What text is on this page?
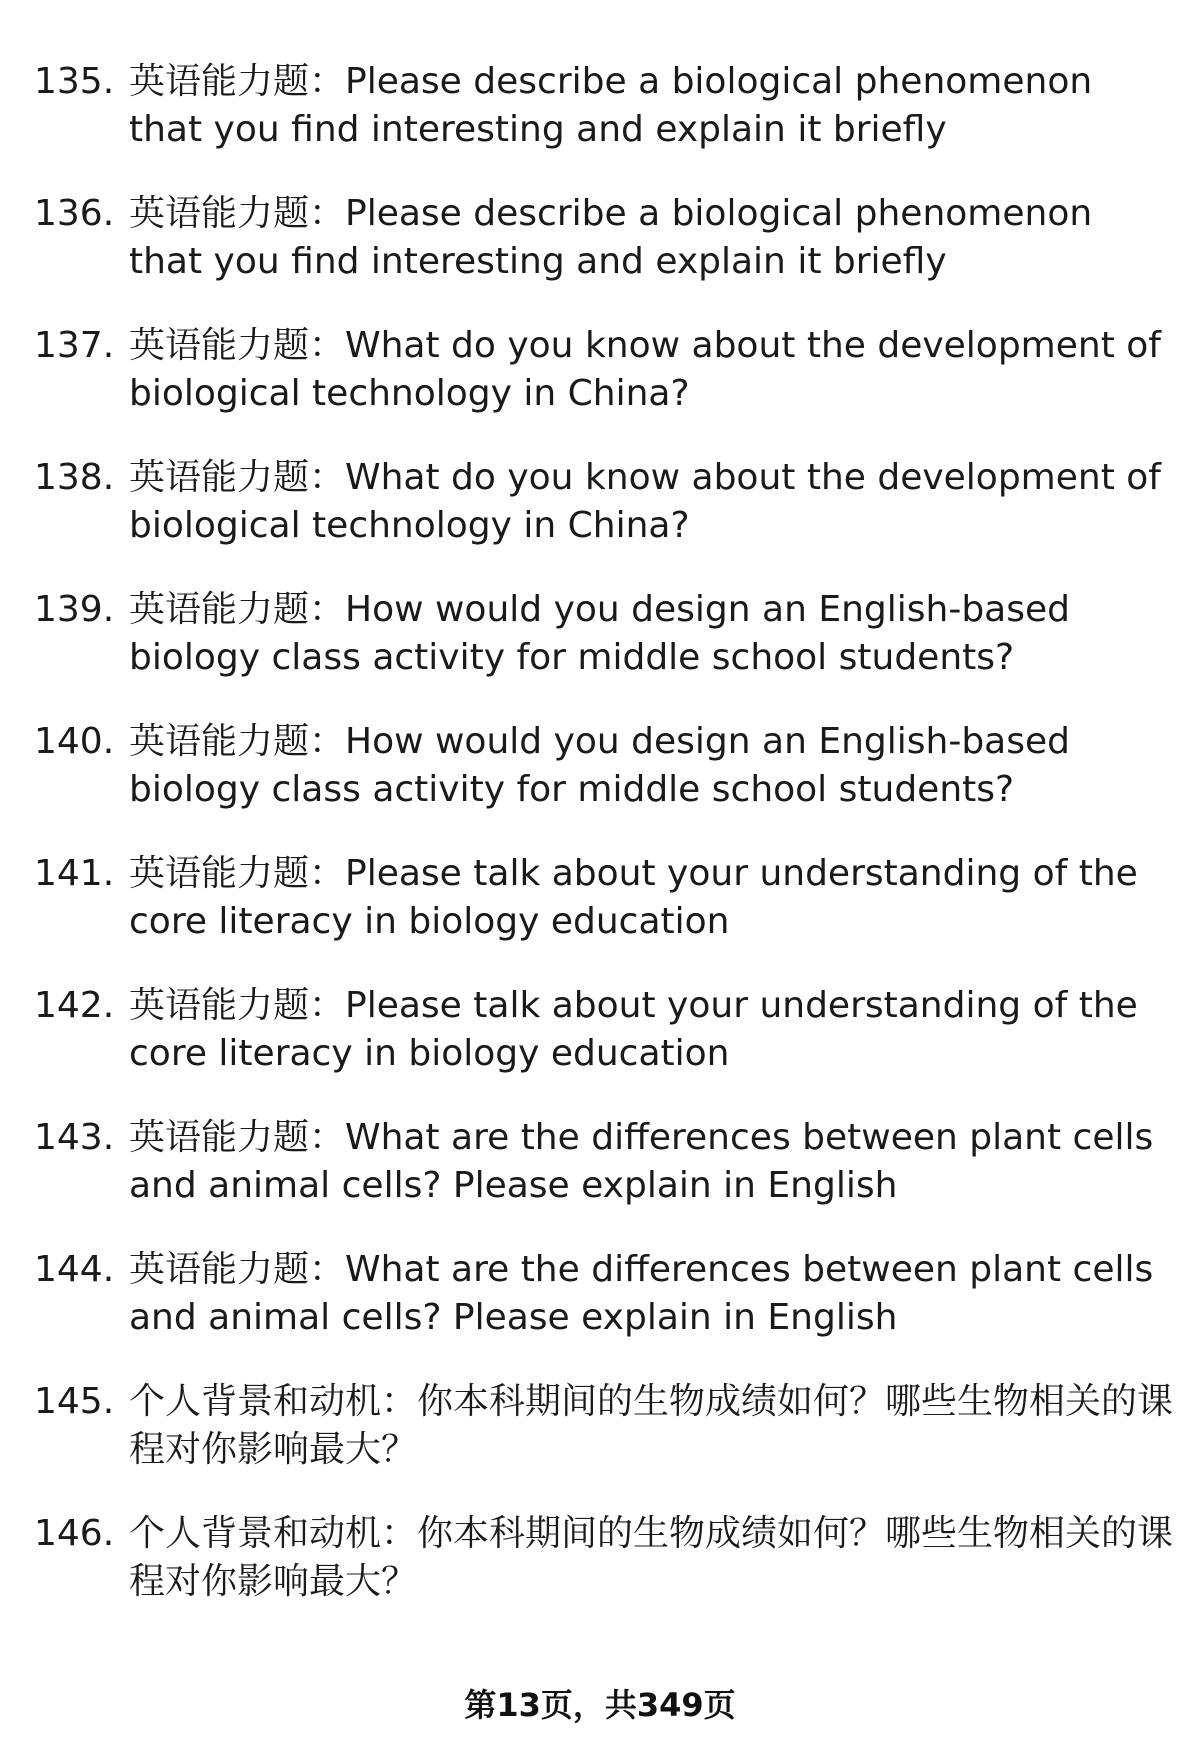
135. 英语能力题：Please describe a biological phenomenon that you find interesting and explain it briefly
136. 英语能力题：Please describe a biological phenomenon that you find interesting and explain it briefly
137. 英语能力题：What do you know about the development of biological technology in China?
138. 英语能力题：What do you know about the development of biological technology in China?
139. 英语能力题：How would you design an English-based biology class activity for middle school students?
140. 英语能力题：How would you design an English-based biology class activity for middle school students?
141. 英语能力题：Please talk about your understanding of the core literacy in biology education
142. 英语能力题：Please talk about your understanding of the core literacy in biology education
143. 英语能力题：What are the differences between plant cells and animal cells? Please explain in English
144. 英语能力题：What are the differences between plant cells and animal cells? Please explain in English
145. 个人背景和动机：你本科期间的生物成绩如何？哪些生物相关的课程对你影响最大？
146. 个人背景和动机：你本科期间的生物成绩如何？哪些生物相关的课程对你影响最大？
第13页，共349页
